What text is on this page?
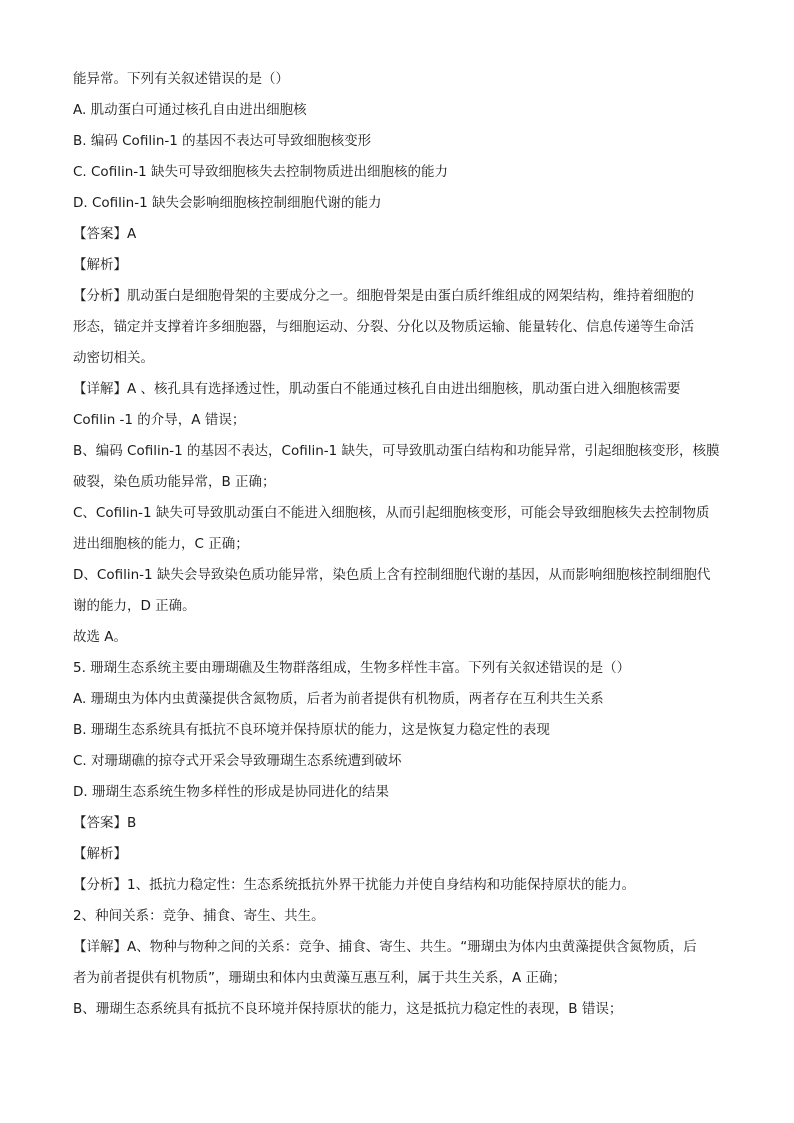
能异常。下列有关叙述错误的是（）
A. 肌动蛋白可通过核孔自由进出细胞核
B. 编码 Cofilin-1 的基因不表达可导致细胞核变形
C. Cofilin-1 缺失可导致细胞核失去控制物质进出细胞核的能力
D. Cofilin-1 缺失会影响细胞核控制细胞代谢的能力
【答案】A
【解析】
【分析】肌动蛋白是细胞骨架的主要成分之一。细胞骨架是由蛋白质纤维组成的网架结构，维持着细胞的
形态，锚定并支撑着许多细胞器，与细胞运动、分裂、分化以及物质运输、能量转化、信息传递等生命活
动密切相关。
【详解】A 、核孔具有选择透过性，肌动蛋白不能通过核孔自由进出细胞核，肌动蛋白进入细胞核需要
Cofilin -1 的介导，A 错误；
B、编码 Cofilin-1 的基因不表达，Cofilin-1 缺失，可导致肌动蛋白结构和功能异常，引起细胞核变形，核膜
破裂，染色质功能异常，B 正确；
C、Cofilin-1 缺失可导致肌动蛋白不能进入细胞核，从而引起细胞核变形，可能会导致细胞核失去控制物质
进出细胞核的能力，C 正确；
D、Cofilin-1 缺失会导致染色质功能异常，染色质上含有控制细胞代谢的基因，从而影响细胞核控制细胞代
谢的能力，D 正确。
故选 A。
5. 珊瑚生态系统主要由珊瑚礁及生物群落组成，生物多样性丰富。下列有关叙述错误的是（）
A. 珊瑚虫为体内虫黄藻提供含氮物质，后者为前者提供有机物质，两者存在互利共生关系
B. 珊瑚生态系统具有抵抗不良环境并保持原状的能力，这是恢复力稳定性的表现
C. 对珊瑚礁的掠夺式开采会导致珊瑚生态系统遭到破坏
D. 珊瑚生态系统生物多样性的形成是协同进化的结果
【答案】B
【解析】
【分析】1、抵抗力稳定性：生态系统抵抗外界干扰能力并使自身结构和功能保持原状的能力。
2、种间关系：竞争、捕食、寄生、共生。
【详解】A、物种与物种之间的关系：竞争、捕食、寄生、共生。“珊瑚虫为体内虫黄藻提供含氮物质，后
者为前者提供有机物质”，珊瑚虫和体内虫黄藻互惠互利，属于共生关系，A 正确；
B、珊瑚生态系统具有抵抗不良环境并保持原状的能力，这是抵抗力稳定性的表现，B 错误；
